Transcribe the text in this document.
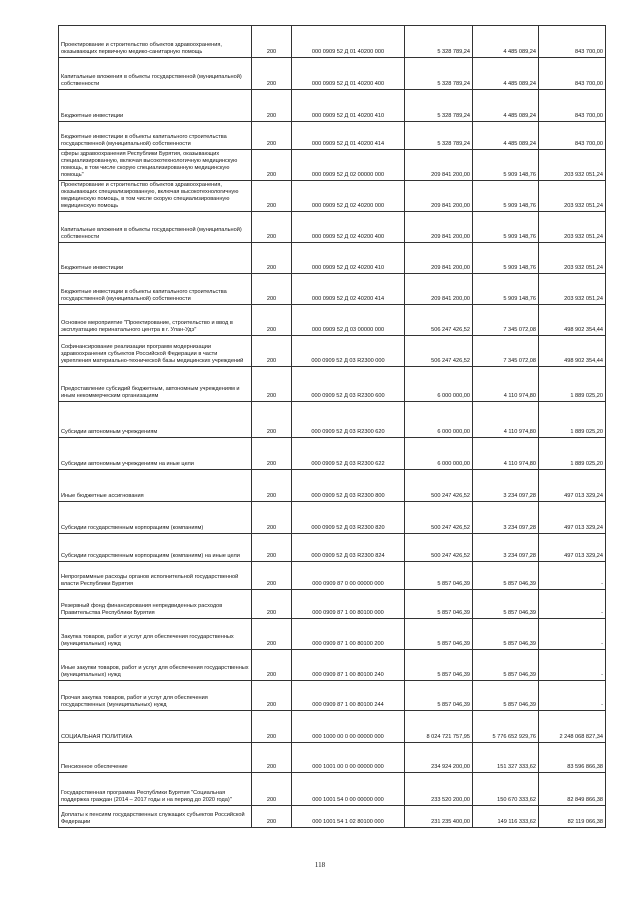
Проектирование и строительство объектов здравоохранения, оказывающих первичную медико-санитарную помощь	200	000 0909 52 Д 01 40200 000	5 328 789,24	4 485 089,24	843 700,00
Капитальные вложения в объекты государственной (муниципальной) собственности	200	000 0909 52 Д 01 40200 400	5 328 789,24	4 485 089,24	843 700,00
Бюджетные инвестиции	200	000 0909 52 Д 01 40200 410	5 328 789,24	4 485 089,24	843 700,00
Бюджетные инвестиции в объекты капитального строительства государственной (муниципальной) собственности	200	000 0909 52 Д 01 40200 414	5 328 789,24	4 485 089,24	843 700,00
сферы здравоохранения Республики Бурятия, оказывающих специализированную, включая высокотехнологичную медицинскую помощь, в том числе скорую специализированную медицинскую помощь"	200	000 0909 52 Д 02 00000 000	209 841 200,00	5 909 148,76	203 932 051,24
Проектирование и строительство объектов здравоохранения, оказывающих специализированную, включая высокотехнологичную медицинскую помощь, в том числе скорую специализированную медицинскую помощь	200	000 0909 52 Д 02 40200 000	209 841 200,00	5 909 148,76	203 932 051,24
Капитальные вложения в объекты государственной (муниципальной) собственности	200	000 0909 52 Д 02 40200 400	209 841 200,00	5 909 148,76	203 932 051,24
Бюджетные инвестиции	200	000 0909 52 Д 02 40200 410	209 841 200,00	5 909 148,76	203 932 051,24
Бюджетные инвестиции в объекты капитального строительства государственной (муниципальной) собственности	200	000 0909 52 Д 02 40200 414	209 841 200,00	5 909 148,76	203 932 051,24
Основное мероприятие "Проектирование, строительство и ввод в эксплуатацию перинатального центра в г. Улан-Удэ"	200	000 0909 52 Д 03 00000 000	506 247 426,52	7 345 072,08	498 902 354,44
Софинансирование реализации программ модернизации здравоохранения субъектов Российской Федерации в части укрепления материально-технической базы медицинских учреждений	200	000 0909 52 Д 03 R2300 000	506 247 426,52	7 345 072,08	498 902 354,44
Предоставление субсидий бюджетным, автономным учреждениям и иным некоммерческим организациям	200	000 0909 52 Д 03 R2300 600	6 000 000,00	4 110 974,80	1 889 025,20
Субсидии автономным учреждениям	200	000 0909 52 Д 03 R2300 620	6 000 000,00	4 110 974,80	1 889 025,20
Субсидии автономным учреждениям на иные цели	200	000 0909 52 Д 03 R2300 622	6 000 000,00	4 110 974,80	1 889 025,20
Иные бюджетные ассигнования	200	000 0909 52 Д 03 R2300 800	500 247 426,52	3 234 097,28	497 013 329,24
Субсидии государственным корпорациям (компаниям)	200	000 0909 52 Д 03 R2300 820	500 247 426,52	3 234 097,28	497 013 329,24
Субсидии государственным корпорациям (компаниям) на иные цели	200	000 0909 52 Д 03 R2300 824	500 247 426,52	3 234 097,28	497 013 329,24
Непрограммные расходы органов исполнительной государственной власти Республики Бурятия	200	000 0909 87 0 00 00000 000	5 857 046,39	5 857 046,39	-
Резервный фонд финансирования непредвиденных расходов Правительства Республики Бурятия	200	000 0909 87 1 00 80100 000	5 857 046,39	5 857 046,39	-
Закупка товаров, работ и услуг для обеспечения государственных (муниципальных) нужд	200	000 0909 87 1 00 80100 200	5 857 046,39	5 857 046,39	-
Иные закупки товаров, работ и услуг для обеспечения государственных (муниципальных) нужд	200	000 0909 87 1 00 80100 240	5 857 046,39	5 857 046,39	-
Прочая закупка товаров, работ и услуг для обеспечения государственных (муниципальных) нужд	200	000 0909 87 1 00 80100 244	5 857 046,39	5 857 046,39	-
СОЦИАЛЬНАЯ ПОЛИТИКА	200	000 1000 00 0 00 00000 000	8 024 721 757,95	5 776 652 929,76	2 248 068 827,34
Пенсионное обеспечение	200	000 1001 00 0 00 00000 000	234 924 200,00	151 327 333,62	83 596 866,38
Государственная программа Республики Бурятия "Социальная поддержка граждан (2014 – 2017 годы и на период до 2020 года)"	200	000 1001 54 0 00 00000 000	233 520 200,00	150 670 333,62	82 849 866,38
Доплаты к пенсиям государственных служащих субъектов Российской Федерации	200	000 1001 54 1 02 80100 000	231 235 400,00	149 116 333,62	82 119 066,38
118
